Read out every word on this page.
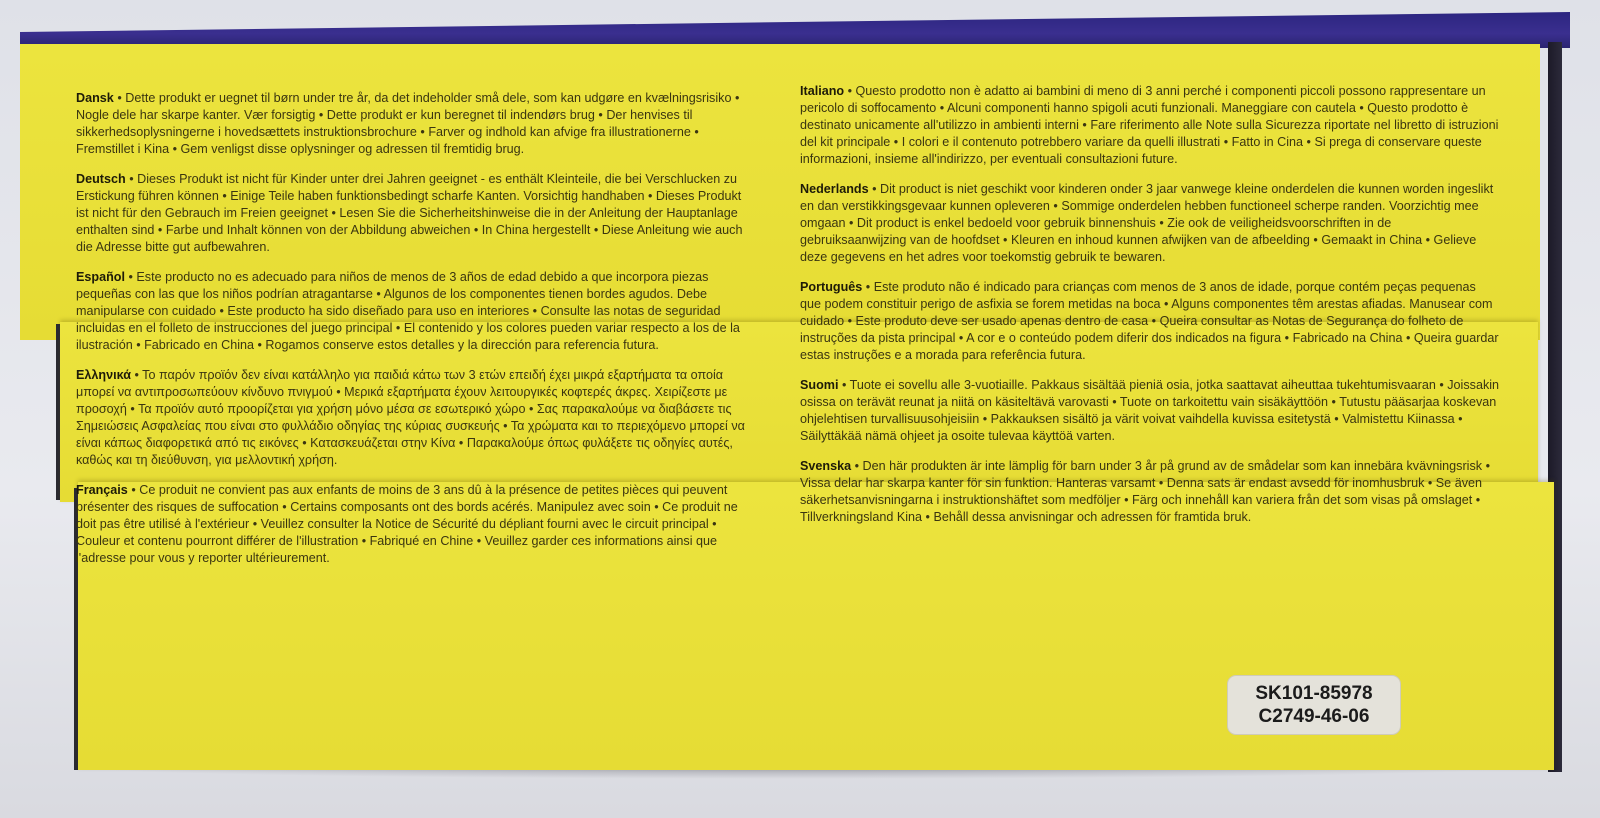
Dansk • Dette produkt er uegnet til børn under tre år, da det indeholder små dele, som kan udgøre en kvælningsrisiko • Nogle dele har skarpe kanter. Vær forsigtig • Dette produkt er kun beregnet til indendørs brug • Der henvises til sikkerhedsoplysningerne i hovedsættets instruktionsbrochure • Farver og indhold kan afvige fra illustrationerne • Fremstillet i Kina • Gem venligst disse oplysninger og adressen til fremtidig brug.
Deutsch • Dieses Produkt ist nicht für Kinder unter drei Jahren geeignet - es enthält Kleinteile, die bei Verschlucken zu Erstickung führen können • Einige Teile haben funktionsbedingt scharfe Kanten. Vorsichtig handhaben • Dieses Produkt ist nicht für den Gebrauch im Freien geeignet • Lesen Sie die Sicherheitshinweise die in der Anleitung der Hauptanlage enthalten sind • Farbe und Inhalt können von der Abbildung abweichen • In China hergestellt • Diese Anleitung wie auch die Adresse bitte gut aufbewahren.
Español • Este producto no es adecuado para niños de menos de 3 años de edad debido a que incorpora piezas pequeñas con las que los niños podrían atragantarse • Algunos de los componentes tienen bordes agudos. Debe manipularse con cuidado • Este producto ha sido diseñado para uso en interiores • Consulte las notas de seguridad incluidas en el folleto de instrucciones del juego principal • El contenido y los colores pueden variar respecto a los de la ilustración • Fabricado en China • Rogamos conserve estos detalles y la dirección para referencia futura.
Ελληνικά • Το παρόν προϊόν δεν είναι κατάλληλο για παιδιά κάτω των 3 ετών επειδή έχει μικρά εξαρτήματα τα οποία μπορεί να αντιπροσωπεύουν κίνδυνο πνιγμού • Μερικά εξαρτήματα έχουν λειτουργικές κοφτερές άκρες. Χειρίζεστε με προσοχή • Τα προϊόν αυτό προορίζεται για χρήση μόνο μέσα σε εσωτερικό χώρο • Σας παρακαλούμε να διαβάσετε τις Σημειώσεις Ασφαλείας που είναι στο φυλλάδιο οδηγίας της κύριας συσκευής • Τα χρώματα και το περιεχόμενο μπορεί να είναι κάπως διαφορετικά από τις εικόνες • Κατασκευάζεται στην Κίνα • Παρακαλούμε όπως φυλάξετε τις οδηγίες αυτές, καθώς και τη διεύθυνση, για μελλοντική χρήση.
Français • Ce produit ne convient pas aux enfants de moins de 3 ans dû à la présence de petites pièces qui peuvent présenter des risques de suffocation • Certains composants ont des bords acérés. Manipulez avec soin • Ce produit ne doit pas être utilisé à l'extérieur • Veuillez consulter la Notice de Sécurité du dépliant fourni avec le circuit principal • Couleur et contenu pourront différer de l'illustration • Fabriqué en Chine • Veuillez garder ces informations ainsi que l'adresse pour vous y reporter ultérieurement.
Italiano • Questo prodotto non è adatto ai bambini di meno di 3 anni perché i componenti piccoli possono rappresentare un pericolo di soffocamento • Alcuni componenti hanno spigoli acuti funzionali. Maneggiare con cautela • Questo prodotto è destinato unicamente all'utilizzo in ambienti interni • Fare riferimento alle Note sulla Sicurezza riportate nel libretto di istruzioni del kit principale • I colori e il contenuto potrebbero variare da quelli illustrati • Fatto in Cina • Si prega di conservare queste informazioni, insieme all'indirizzo, per eventuali consultazioni future.
Nederlands • Dit product is niet geschikt voor kinderen onder 3 jaar vanwege kleine onderdelen die kunnen worden ingeslikt en dan verstikkingsgevaar kunnen opleveren • Sommige onderdelen hebben functioneel scherpe randen. Voorzichtig mee omgaan • Dit product is enkel bedoeld voor gebruik binnenshuis • Zie ook de veiligheidsvoorschriften in de gebruiksaanwijzing van de hoofdset • Kleuren en inhoud kunnen afwijken van de afbeelding • Gemaakt in China • Gelieve deze gegevens en het adres voor toekomstig gebruik te bewaren.
Português • Este produto não é indicado para crianças com menos de 3 anos de idade, porque contém peças pequenas que podem constituir perigo de asfixia se forem metidas na boca • Alguns componentes têm arestas afiadas. Manusear com cuidado • Este produto deve ser usado apenas dentro de casa • Queira consultar as Notas de Segurança do folheto de instruções da pista principal • A cor e o conteúdo podem diferir dos indicados na figura • Fabricado na China • Queira guardar estas instruções e a morada para referência futura.
Suomi • Tuote ei sovellu alle 3-vuotiaille. Pakkaus sisältää pieniä osia, jotka saattavat aiheuttaa tukehtumisvaaran • Joissakin osissa on terävät reunat ja niitä on käsiteltävä varovasti • Tuote on tarkoitettu vain sisäkäyttöön • Tutustu pääsarjaa koskevan ohjelehtisen turvallisuusohjeisiin • Pakkauksen sisältö ja värit voivat vaihdella kuvissa esitetystä • Valmistettu Kiinassa • Säilyttäkää nämä ohjeet ja osoite tulevaa käyttöä varten.
Svenska • Den här produkten är inte lämplig för barn under 3 år på grund av de smådelar som kan innebära kvävningsrisk • Vissa delar har skarpa kanter för sin funktion. Hanteras varsamt • Denna sats är endast avsedd för inomhusbruk • Se även säkerhetsanvisningarna i instruktionshäftet som medföljer • Färg och innehåll kan variera från det som visas på omslaget • Tillverkningsland Kina • Behåll dessa anvisningar och adressen för framtida bruk.
SK101-85978
C2749-46-06
